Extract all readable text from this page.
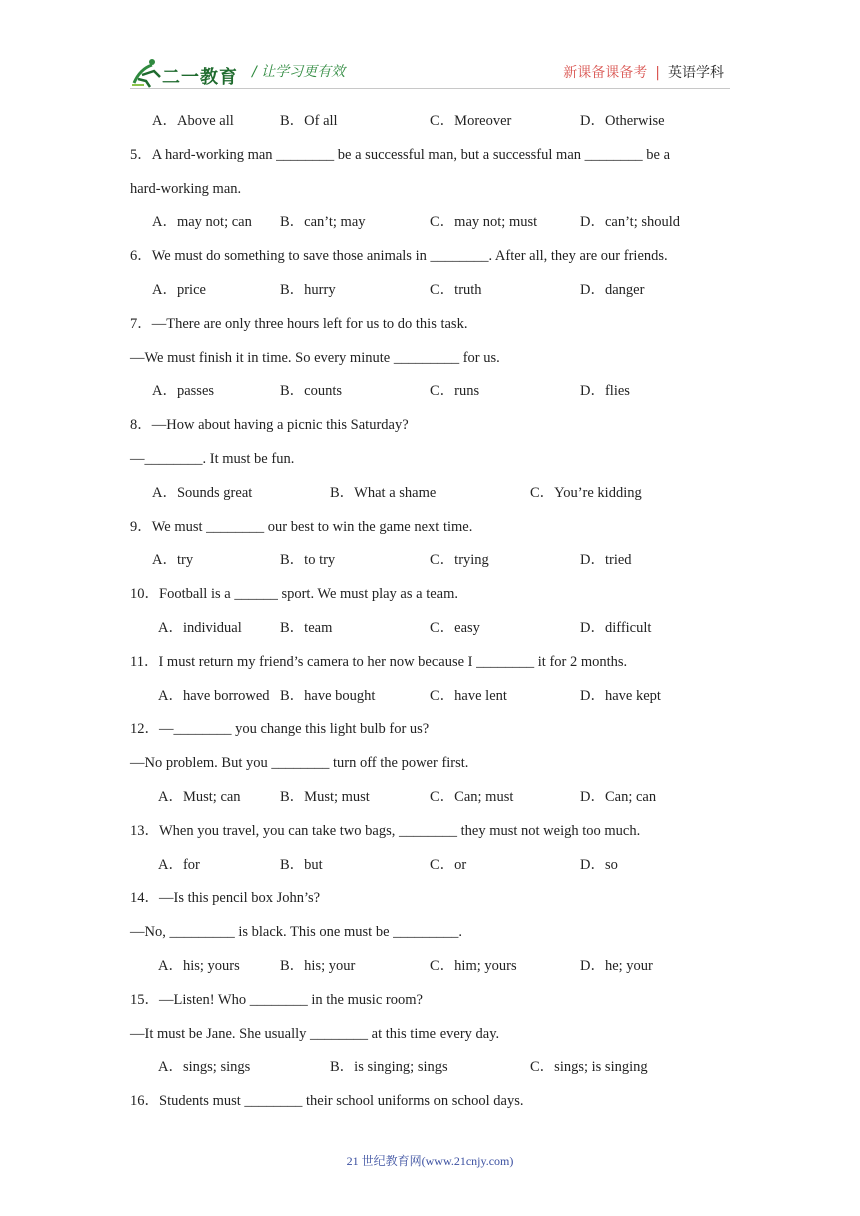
二一教育 / 让学习更有效	新课备课备考 | 英语学科
A．Above all	B．Of all	C．Moreover	D．Otherwise
5．A hard-working man ________ be a successful man, but a successful man ________ be a
hard-working man.
A．may not; can B．can’t; may	C．may not; must	D．can’t; should
6．We must do something to save those animals in ________. After all, they are our friends.
A．price	B．hurry	C．truth	D．danger
7．—There are only three hours left for us to do this task.
—We must finish it in time. So every minute _________ for us.
A．passes	B．counts	C．runs	D．flies
8．—How about having a picnic this Saturday?
—________. It must be fun.
A．Sounds great	B．What a shame	C．You’re kidding
9．We must ________ our best to win the game next time.
A．try	B．to try	C．trying	D．tried
10．Football is a ______ sport. We must play as a team.
A．individual	B．team	C．easy	D．difficult
11．I must return my friend’s camera to her now because I ________ it for 2 months.
A．have borrowed B．have bought	C．have lent	D．have kept
12．—________ you change this light bulb for us?
—No problem. But you ________ turn off the power first.
A．Must; can	B．Must; must	C．Can; must	D．Can; can
13．When you travel, you can take two bags, ________ they must not weigh too much.
A．for	B．but	C．or	D．so
14．—Is this pencil box John’s?
—No, _________ is black. This one must be _________.
A．his; yours	B．his; your	C．him; yours	D．he; your
15．—Listen! Who ________ in the music room?
—It must be Jane. She usually ________ at this time every day.
A．sings; sings	B．is singing; sings	C．sings; is singing
16．Students must ________ their school uniforms on school days.
21 世纪教育网(www.21cnjy.com)
